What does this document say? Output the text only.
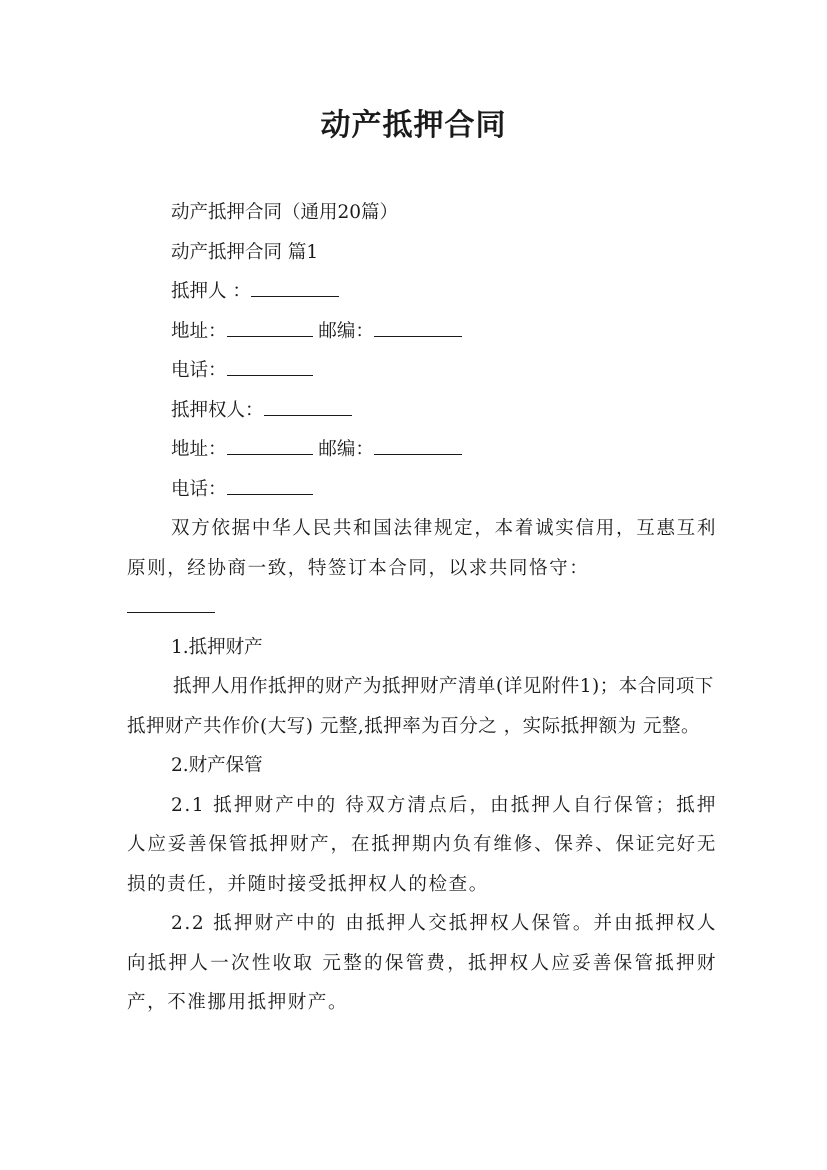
动产抵押合同

动产抵押合同（通用20篇）

动产抵押合同 篇1

抵押人 ：

地址：	邮编：

电话：

抵押权人：

地址：	邮编：

电话：

双方依据中华人民共和国法律规定，本着诚实信用，互惠互利原则，经协商一致，特签订本合同，以求共同恪守：

1.抵押财产

抵押人用作抵押的财产为抵押财产清单(详见附件1)；本合同项下抵押财产共作价(大写) 元整,抵押率为百分之 ，实际抵押额为 元整。

2.财产保管

2.1 抵押财产中的 待双方清点后，由抵押人自行保管；抵押人应妥善保管抵押财产，在抵押期内负有维修、保养、保证完好无损的责任，并随时接受抵押权人的检查。

2.2 抵押财产中的 由抵押人交抵押权人保管。并由抵押权人向抵押人一次性收取 元整的保管费，抵押权人应妥善保管抵押财产，不准挪用抵押财产。
